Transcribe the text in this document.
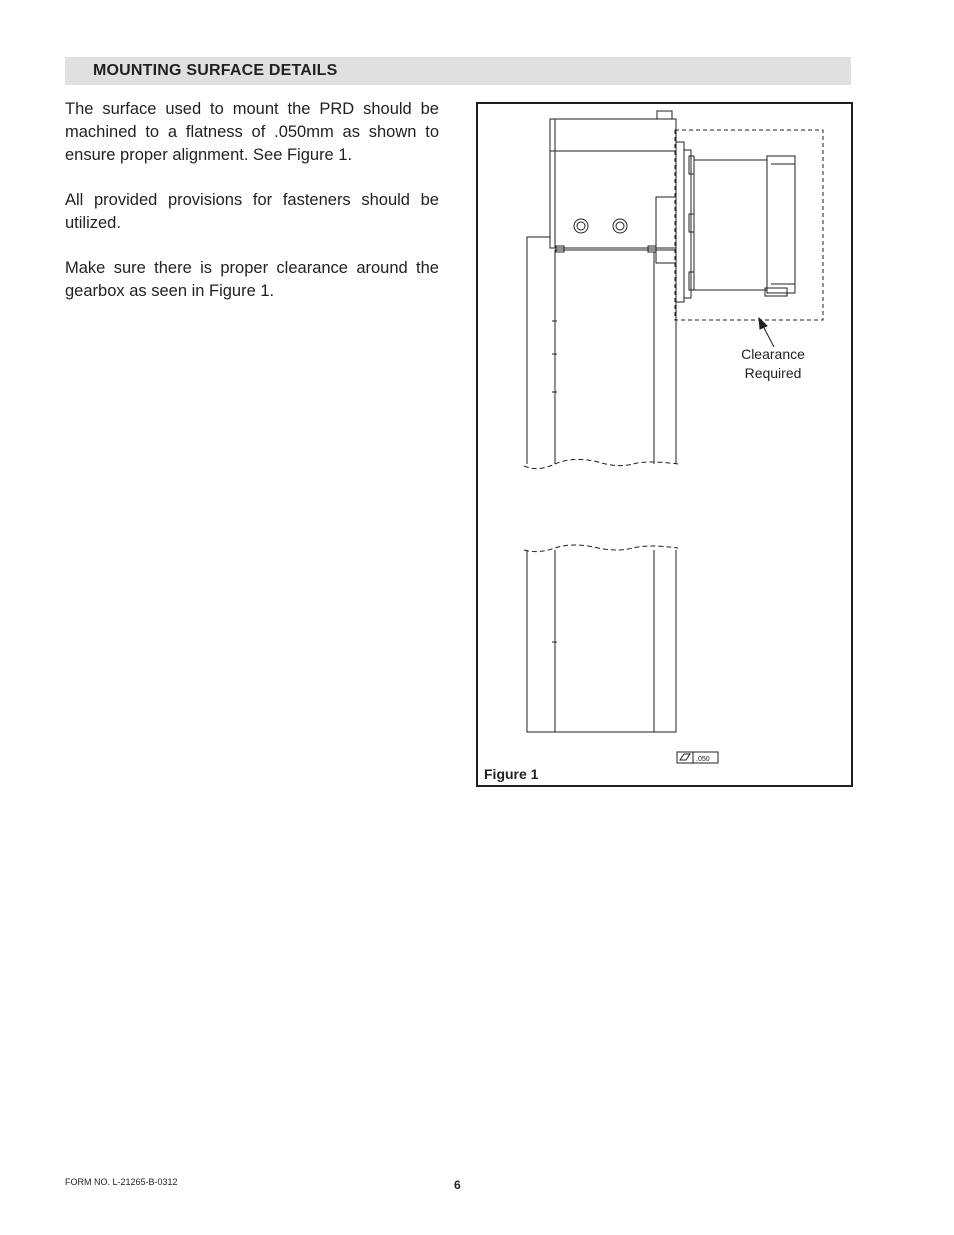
MOUNTING SURFACE DETAILS

The surface used to mount the PRD should be machined to a flatness of .050mm as shown to ensure proper alignment. See Figure 1.

All provided provisions for fasteners should be utilized.

Make sure there is proper clearance around the gearbox as seen in Figure 1.

.050
Clearance
Required
Figure 1
FORM NO. L-21265-B-0312	6
